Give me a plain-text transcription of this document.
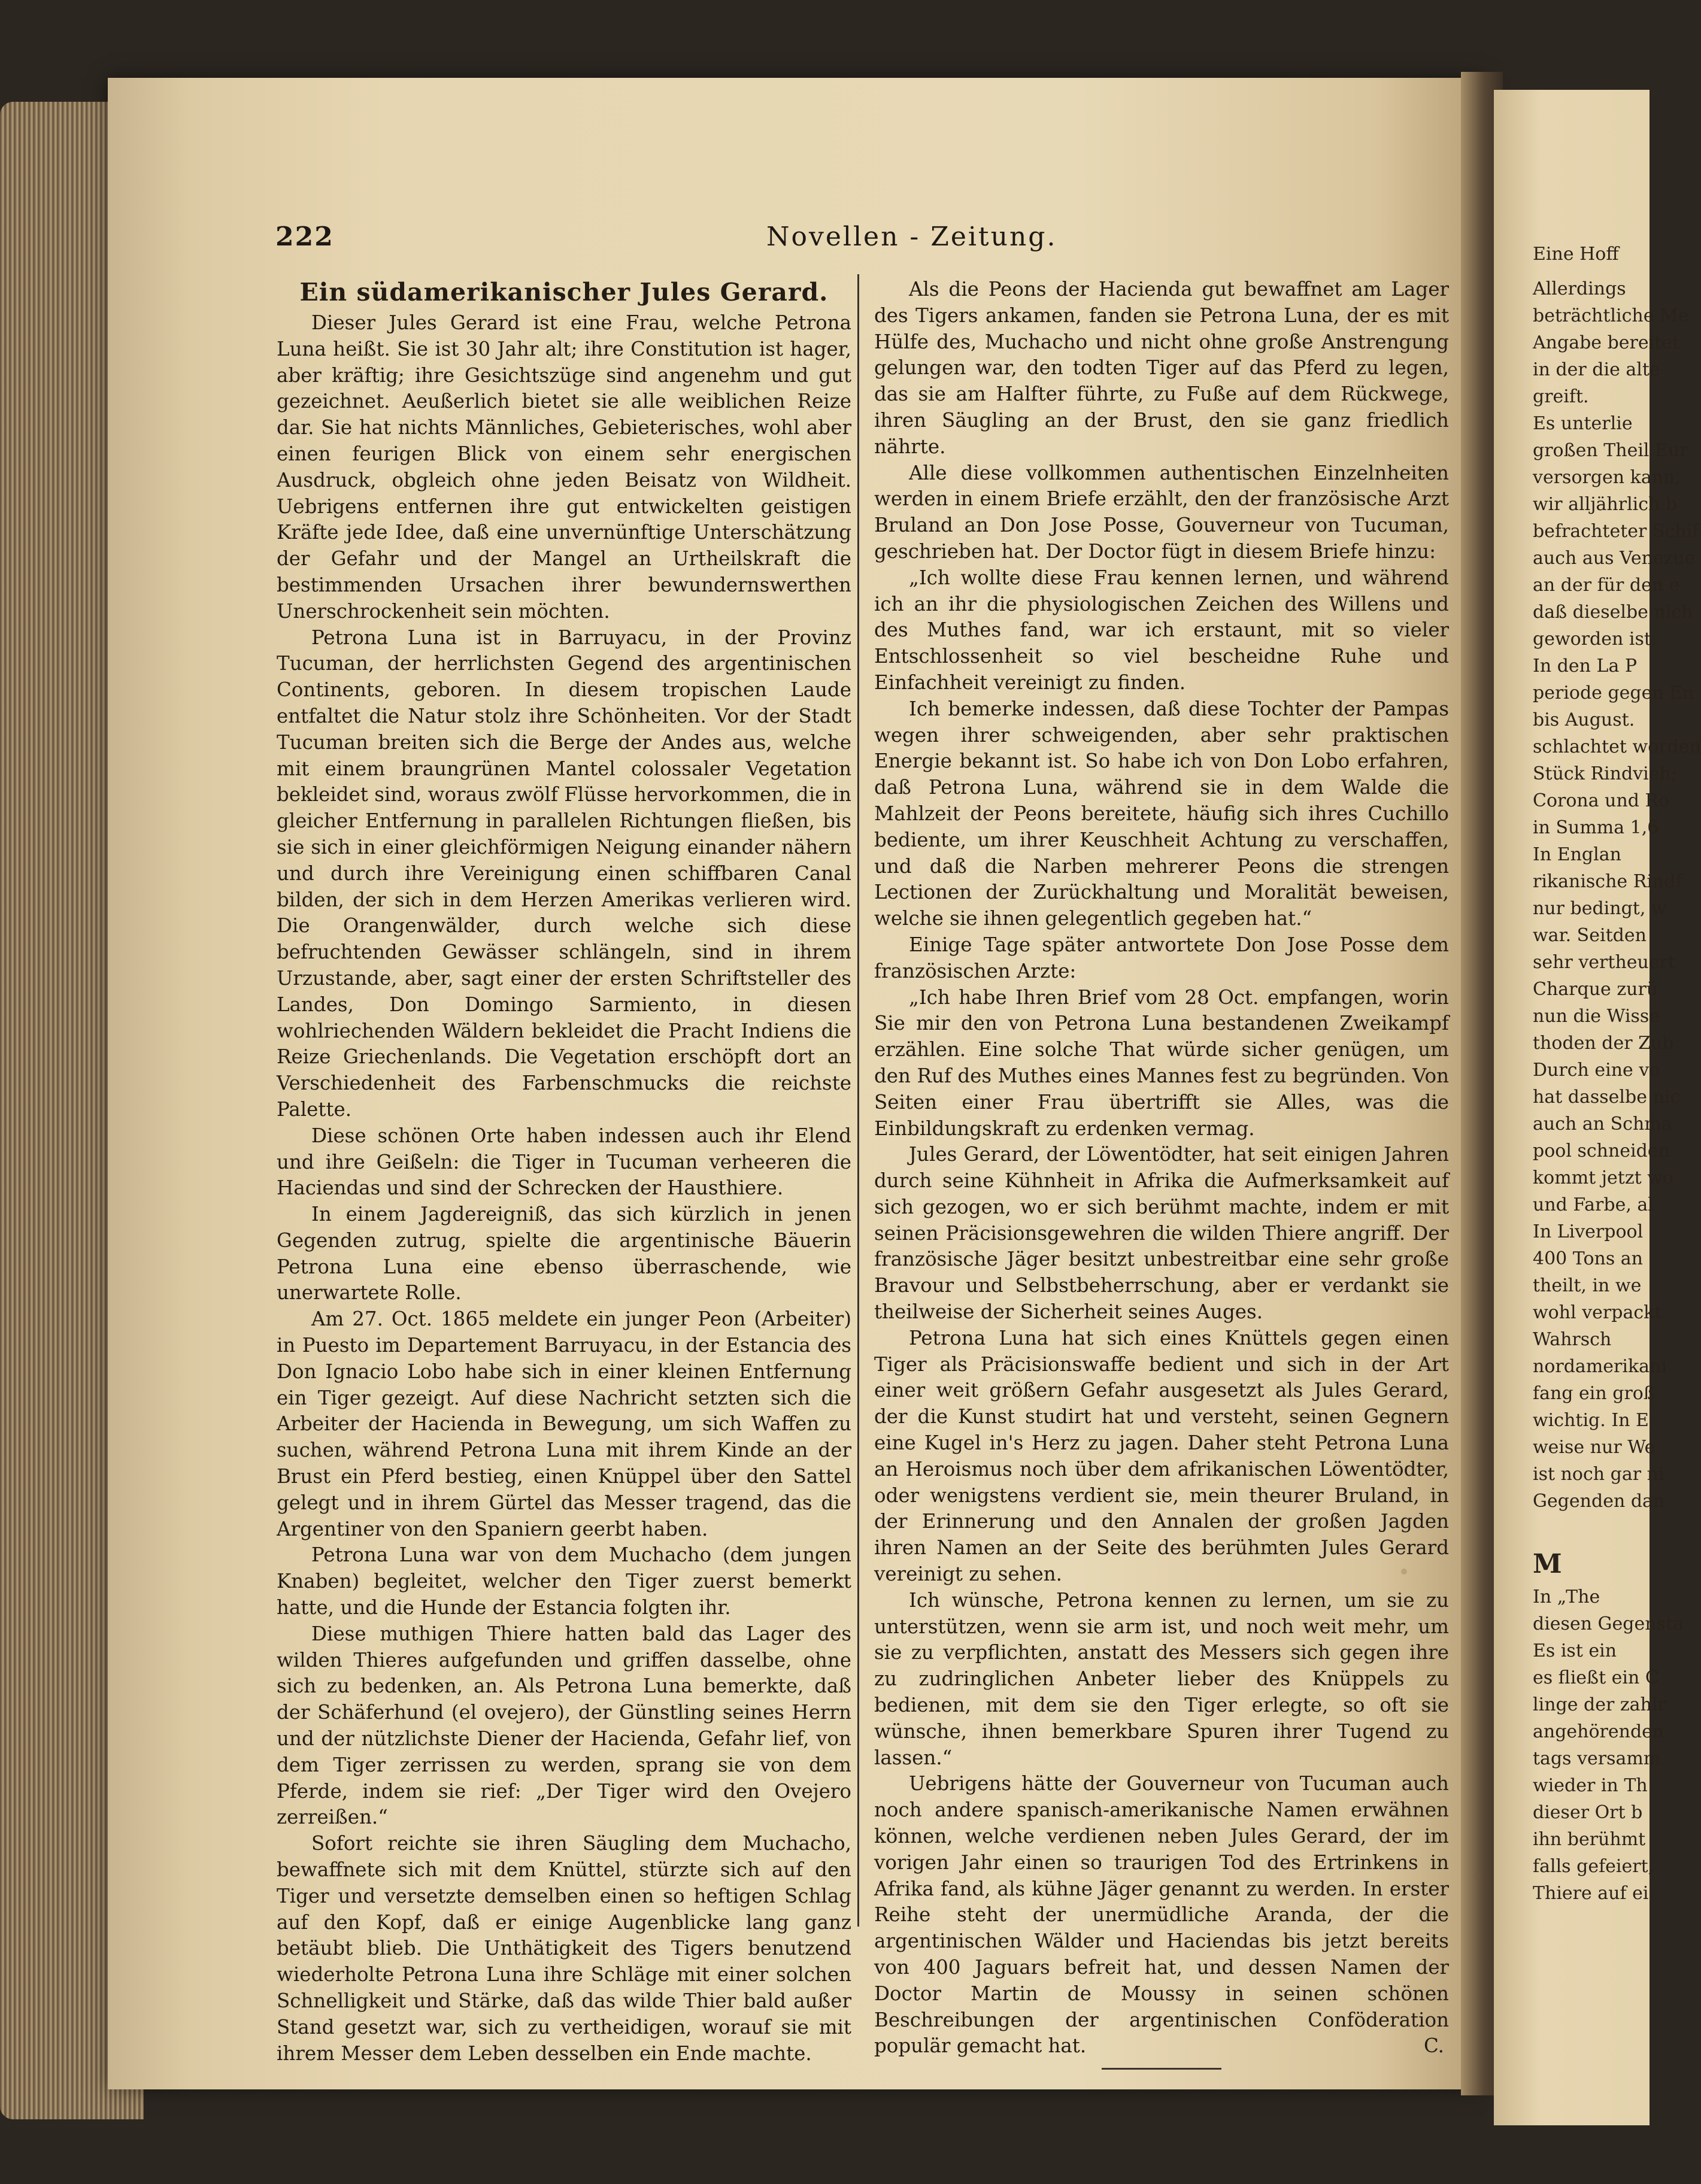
222	Novellen - Zeitung.
Ein südamerikanischer Jules Gerard.

Dieser Jules Gerard ist eine Frau, welche Petrona Luna heißt. Sie ist 30 Jahr alt; ihre Constitution ist hager, aber kräftig; ihre Gesichtszüge sind angenehm und gut gezeichnet. Aeußerlich bietet sie alle weiblichen Reize dar. Sie hat nichts Männliches, Gebieterisches, wohl aber einen feurigen Blick von einem sehr energischen Ausdruck, obgleich ohne jeden Beisatz von Wildheit. Uebrigens entfernen ihre gut entwickelten geistigen Kräfte jede Idee, daß eine unvernünftige Unterschätzung der Gefahr und der Mangel an Urtheilskraft die bestimmenden Ursachen ihrer bewundernswerthen Unerschrockenheit sein möchten.

Petrona Luna ist in Barruyacu, in der Provinz Tucuman, der herrlichsten Gegend des argentinischen Continents, geboren. In diesem tropischen Laude entfaltet die Natur stolz ihre Schönheiten. Vor der Stadt Tucuman breiten sich die Berge der Andes aus, welche mit einem braungrünen Mantel colossaler Vegetation bekleidet sind, woraus zwölf Flüsse hervorkommen, die in gleicher Entfernung in parallelen Richtungen fließen, bis sie sich in einer gleichförmigen Neigung einander nähern und durch ihre Vereinigung einen schiffbaren Canal bilden, der sich in dem Herzen Amerikas verlieren wird. Die Orangenwälder, durch welche sich diese befruchtenden Gewässer schlängeln, sind in ihrem Urzustande, aber, sagt einer der ersten Schriftsteller des Landes, Don Domingo Sarmiento, in diesen wohlriechenden Wäldern bekleidet die Pracht Indiens die Reize Griechenlands. Die Vegetation erschöpft dort an Verschiedenheit des Farbenschmucks die reichste Palette.

Diese schönen Orte haben indessen auch ihr Elend und ihre Geißeln: die Tiger in Tucuman verheeren die Haciendas und sind der Schrecken der Hausthiere.

In einem Jagdereigniß, das sich kürzlich in jenen Gegenden zutrug, spielte die argentinische Bäuerin Petrona Luna eine ebenso überraschende, wie unerwartete Rolle.

Am 27. Oct. 1865 meldete ein junger Peon (Arbeiter) in Puesto im Departement Barruyacu, in der Estancia des Don Ignacio Lobo habe sich in einer kleinen Entfernung ein Tiger gezeigt. Auf diese Nachricht setzten sich die Arbeiter der Hacienda in Bewegung, um sich Waffen zu suchen, während Petrona Luna mit ihrem Kinde an der Brust ein Pferd bestieg, einen Knüppel über den Sattel gelegt und in ihrem Gürtel das Messer tragend, das die Argentiner von den Spaniern geerbt haben.

Petrona Luna war von dem Muchacho (dem jungen Knaben) begleitet, welcher den Tiger zuerst bemerkt hatte, und die Hunde der Estancia folgten ihr.

Diese muthigen Thiere hatten bald das Lager des wilden Thieres aufgefunden und griffen dasselbe, ohne sich zu bedenken, an. Als Petrona Luna bemerkte, daß der Schäferhund (el ovejero), der Günstling seines Herrn und der nützlichste Diener der Hacienda, Gefahr lief, von dem Tiger zerrissen zu werden, sprang sie von dem Pferde, indem sie rief: „Der Tiger wird den Ovejero zerreißen.“

Sofort reichte sie ihren Säugling dem Muchacho, bewaffnete sich mit dem Knüttel, stürzte sich auf den Tiger und versetzte demselben einen so heftigen Schlag auf den Kopf, daß er einige Augenblicke lang ganz betäubt blieb. Die Unthätigkeit des Tigers benutzend wiederholte Petrona Luna ihre Schläge mit einer solchen Schnelligkeit und Stärke, daß das wilde Thier bald außer Stand gesetzt war, sich zu vertheidigen, worauf sie mit ihrem Messer dem Leben desselben ein Ende machte.

Als die Peons der Hacienda gut bewaffnet am Lager des Tigers ankamen, fanden sie Petrona Luna, der es mit Hülfe des, Muchacho und nicht ohne große Anstrengung gelungen war, den todten Tiger auf das Pferd zu legen, das sie am Halfter führte, zu Fuße auf dem Rückwege, ihren Säugling an der Brust, den sie ganz friedlich nährte.

Alle diese vollkommen authentischen Einzelnheiten werden in einem Briefe erzählt, den der französische Arzt Bruland an Don Jose Posse, Gouverneur von Tucuman, geschrieben hat. Der Doctor fügt in diesem Briefe hinzu:

„Ich wollte diese Frau kennen lernen, und während ich an ihr die physiologischen Zeichen des Willens und des Muthes fand, war ich erstaunt, mit so vieler Entschlossenheit so viel bescheidne Ruhe und Einfachheit vereinigt zu finden.

Ich bemerke indessen, daß diese Tochter der Pampas wegen ihrer schweigenden, aber sehr praktischen Energie bekannt ist. So habe ich von Don Lobo erfahren, daß Petrona Luna, während sie in dem Walde die Mahlzeit der Peons bereitete, häufig sich ihres Cuchillo bediente, um ihrer Keuschheit Achtung zu verschaffen, und daß die Narben mehrerer Peons die strengen Lectionen der Zurückhaltung und Moralität beweisen, welche sie ihnen gelegentlich gegeben hat.“

Einige Tage später antwortete Don Jose Posse dem französischen Arzte:

„Ich habe Ihren Brief vom 28 Oct. empfangen, worin Sie mir den von Petrona Luna bestandenen Zweikampf erzählen. Eine solche That würde sicher genügen, um den Ruf des Muthes eines Mannes fest zu begründen. Von Seiten einer Frau übertrifft sie Alles, was die Einbildungskraft zu erdenken vermag.

Jules Gerard, der Löwentödter, hat seit einigen Jahren durch seine Kühnheit in Afrika die Aufmerksamkeit auf sich gezogen, wo er sich berühmt machte, indem er mit seinen Präcisionsgewehren die wilden Thiere angriff. Der französische Jäger besitzt unbestreitbar eine sehr große Bravour und Selbstbeherrschung, aber er verdankt sie theilweise der Sicherheit seines Auges.

Petrona Luna hat sich eines Knüttels gegen einen Tiger als Präcisionswaffe bedient und sich in der Art einer weit größern Gefahr ausgesetzt als Jules Gerard, der die Kunst studirt hat und versteht, seinen Gegnern eine Kugel in's Herz zu jagen. Daher steht Petrona Luna an Heroismus noch über dem afrikanischen Löwentödter, oder wenigstens verdient sie, mein theurer Bruland, in der Erinnerung und den Annalen der großen Jagden ihren Namen an der Seite des berühmten Jules Gerard vereinigt zu sehen.

Ich wünsche, Petrona kennen zu lernen, um sie zu unterstützen, wenn sie arm ist, und noch weit mehr, um sie zu verpflichten, anstatt des Messers sich gegen ihre zu zudringlichen Anbeter lieber des Knüppels zu bedienen, mit dem sie den Tiger erlegte, so oft sie wünsche, ihnen bemerkbare Spuren ihrer Tugend zu lassen.“

Uebrigens hätte der Gouverneur von Tucuman auch noch andere spanisch-amerikanische Namen erwähnen können, welche verdienen neben Jules Gerard, der im vorigen Jahr einen so traurigen Tod des Ertrinkens in Afrika fand, als kühne Jäger genannt zu werden. In erster Reihe steht der unermüdliche Aranda, der die argentinischen Wälder und Haciendas bis jetzt bereits von 400 Jaguars befreit hat, und dessen Namen der Doctor Martin de Moussy in seinen schönen Beschreibungen der argentinischen Conföderation populär gemacht hat.	C.
Eine Hoff
Allerdings
beträchtliche Me
Angabe bereitet
in der die alte
greift.
Es unterlie
großen Theil Eur
versorgen kann,
wir alljährlich b
befrachteter Schif
auch aus Venezue
an der für den e
daß dieselbe nich
geworden ist.
In den La P
periode gegen En
bis August.
schlachtet worden
Stück Rindvieh;
Corona und Ro
in Summa 1,6
In Englan
rikanische Rindf
nur bedingt, w
war. Seitden
sehr vertheuert
Charque zurü
nun die Wisse
thoden der Zub
Durch eine vo
hat dasselbe nic
auch an Schma
pool schneiden
kommt jetzt wo
und Farbe, al
In Liverpool
400 Tons an
theilt, in we
wohl verpackt
Wahrsch
nordamerikani
fang ein groß
wichtig. In E
weise nur We
ist noch gar ni
Gegenden dan
M
In „The
diesen Gegensta
Es ist ein
es fließt ein C
linge der zahlr
angehörenden
tags versamm
wieder in Th
dieser Ort b
ihn berühmt
falls gefeiert,
Thiere auf ei
